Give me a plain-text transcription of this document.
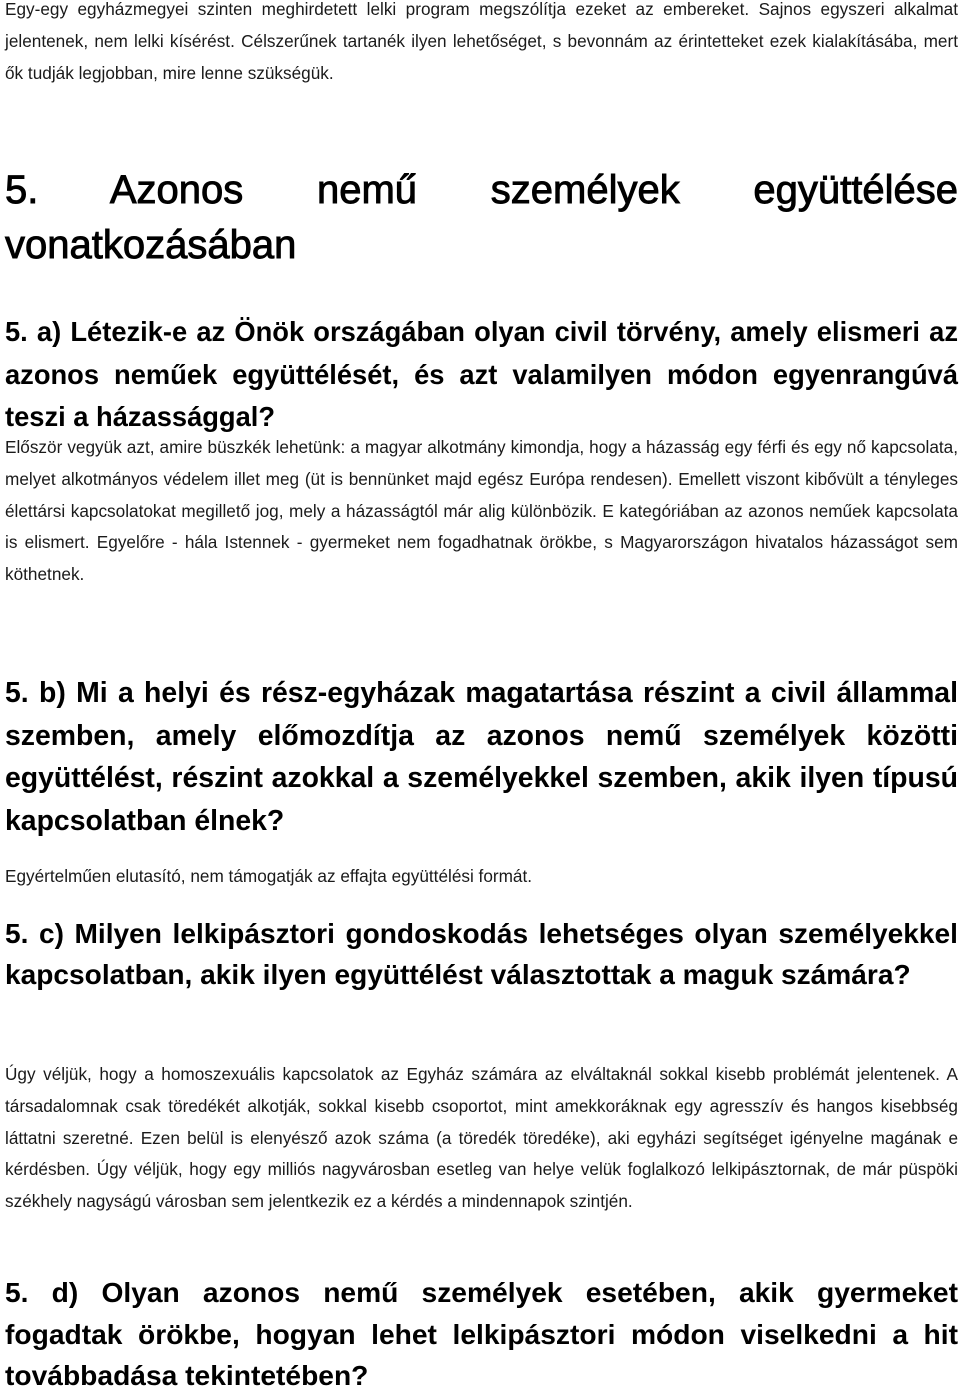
Egy-egy egyházmegyei szinten meghirdetett lelki program megszólítja ezeket az embereket. Sajnos egyszeri alkalmat jelentenek, nem lelki kísérést. Célszerűnek tartanék ilyen lehetőséget, s bevonnám az érintetteket ezek kialakításába, mert ők tudják legjobban, mire lenne szükségük.

5. Azonos nemű személyek együttélése vonatkozásában
5. a) Létezik-e az Önök országában olyan civil törvény, amely elismeri az azonos neműek együttélését, és azt valamilyen módon egyenrangúvá teszi a házassággal?

Először vegyük azt, amire büszkék lehetünk: a magyar alkotmány kimondja, hogy a házasság egy férfi és egy nő kapcsolata, melyet alkotmányos védelem illet meg (üt is bennünket majd egész Európa rendesen). Emellett viszont kibővült a tényleges élettársi kapcsolatokat megillető jog, mely a házasságtól már alig különbözik. E kategóriában az azonos neműek kapcsolata is elismert. Egyelőre - hála Istennek - gyermeket nem fogadhatnak örökbe, s Magyarországon hivatalos házasságot sem köthetnek.

5. b) Mi a helyi és rész-egyházak magatartása részint a civil állammal szemben, amely előmozdítja az azonos nemű személyek közötti együttélést, részint azokkal a személyekkel szemben, akik ilyen típusú kapcsolatban élnek?

Egyértelműen elutasító, nem támogatják az effajta együttélési formát.

5. c) Milyen lelkipásztori gondoskodás lehetséges olyan személyekkel kapcsolatban, akik ilyen együttélést választottak a maguk számára?

Úgy véljük, hogy a homoszexuális kapcsolatok az Egyház számára az elváltaknál sokkal kisebb problémát jelentenek. A társadalomnak csak töredékét alkotják, sokkal kisebb csoportot, mint amekkoráknak egy agresszív és hangos kisebbség láttatni szeretné. Ezen belül is elenyésző azok száma (a töredék töredéke), aki egyházi segítséget igényelne magának e kérdésben. Úgy véljük, hogy egy milliós nagyvárosban esetleg van helye velük foglalkozó lelkipásztornak, de már püspöki székhely nagyságú városban sem jelentkezik ez a kérdés a mindennapok szintjén.

5. d) Olyan azonos nemű személyek esetében, akik gyermeket fogadtak örökbe, hogyan lehet lelkipásztori módon viselkedni a hit továbbadása tekintetében?
